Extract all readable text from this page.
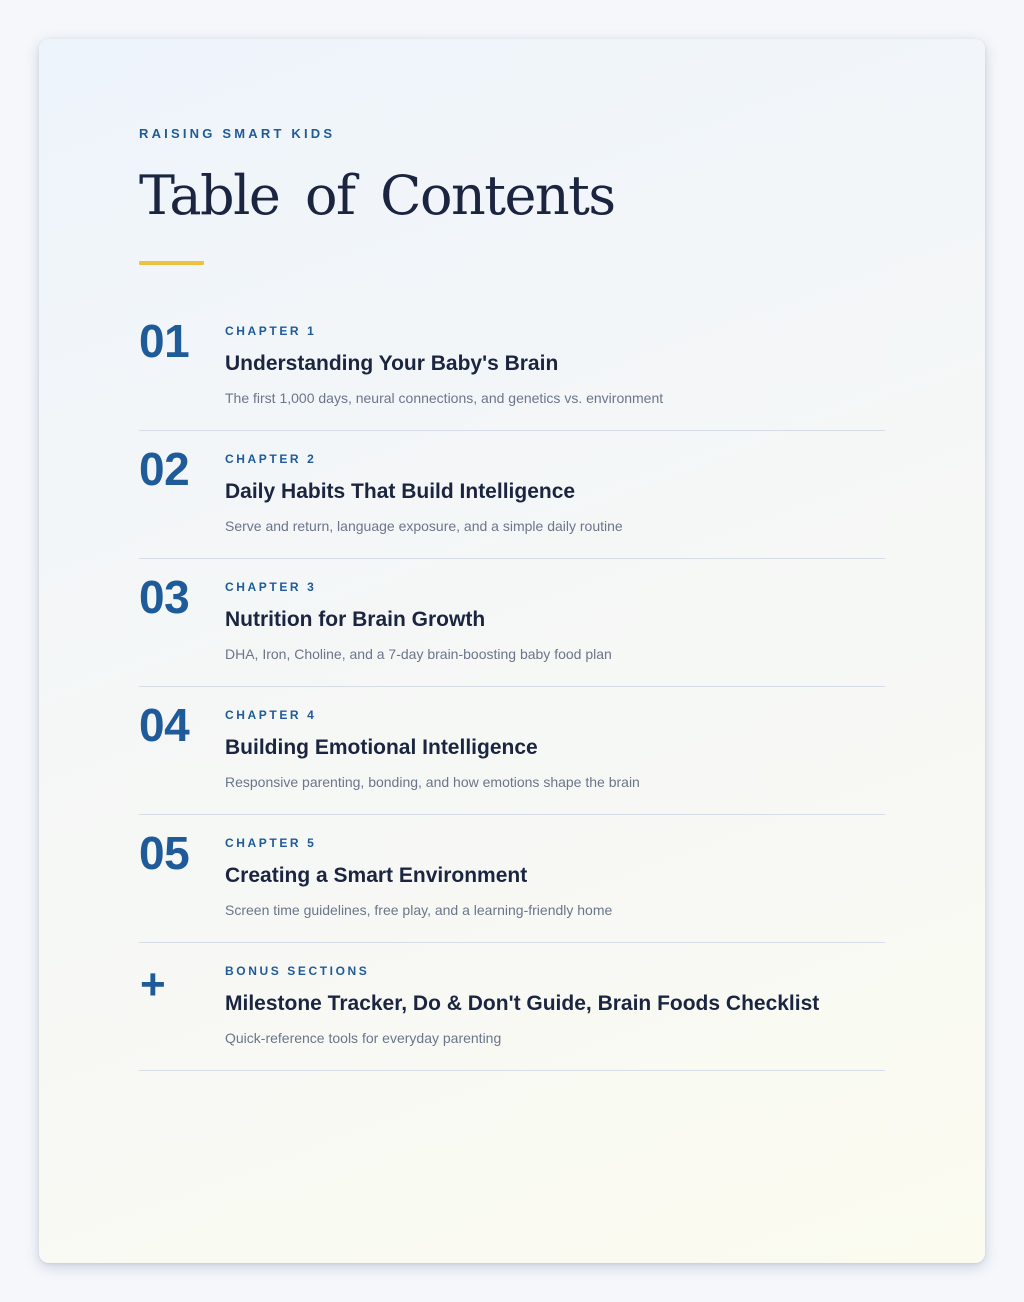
RAISING SMART KIDS
Table of Contents
01	CHAPTER 1
Understanding Your Baby's Brain
The first 1,000 days, neural connections, and genetics vs. environment
02	CHAPTER 2
Daily Habits That Build Intelligence
Serve and return, language exposure, and a simple daily routine
03	CHAPTER 3
Nutrition for Brain Growth
DHA, Iron, Choline, and a 7-day brain-boosting baby food plan
04	CHAPTER 4
Building Emotional Intelligence
Responsive parenting, bonding, and how emotions shape the brain
05	CHAPTER 5
Creating a Smart Environment
Screen time guidelines, free play, and a learning-friendly home
+	BONUS SECTIONS
Milestone Tracker, Do & Don't Guide, Brain Foods Checklist
Quick-reference tools for everyday parenting
